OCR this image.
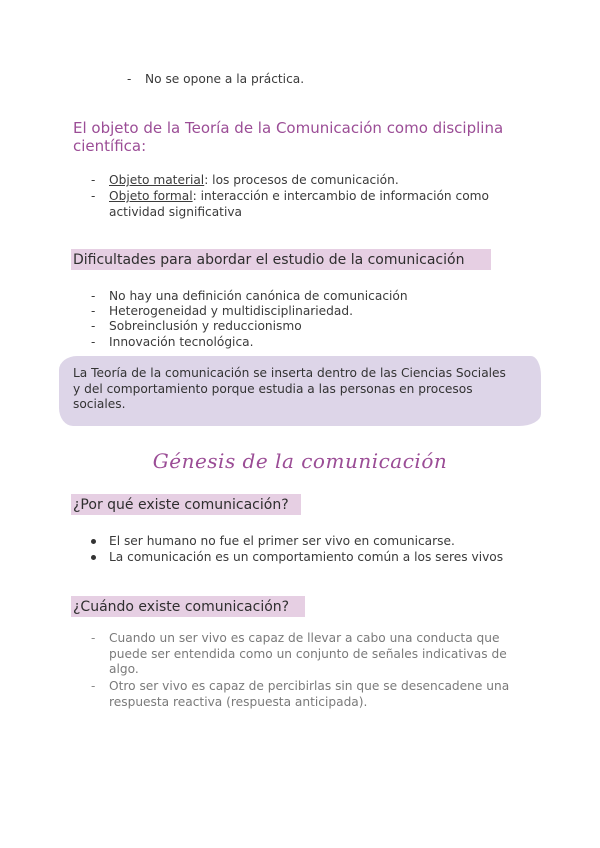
- No se opone a la práctica.
El objeto de la Teoría de la Comunicación como disciplina
científica:
- Objeto material: los procesos de comunicación.
- Objeto formal: interacción e intercambio de información como
actividad significativa
Dificultades para abordar el estudio de la comunicación
- No hay una definición canónica de comunicación
- Heterogeneidad y multidisciplinariedad.
- Sobreinclusión y reduccionismo
- Innovación tecnológica.
La Teoría de la comunicación se inserta dentro de las Ciencias Sociales
y del comportamiento porque estudia a las personas en procesos
sociales.
Génesis de la comunicación
¿Por qué existe comunicación?
El ser humano no fue el primer ser vivo en comunicarse.
La comunicación es un comportamiento común a los seres vivos
¿Cuándo existe comunicación?
- Cuando un ser vivo es capaz de llevar a cabo una conducta que
puede ser entendida como un conjunto de señales indicativas de
algo.
- Otro ser vivo es capaz de percibirlas sin que se desencadene una
respuesta reactiva (respuesta anticipada).
